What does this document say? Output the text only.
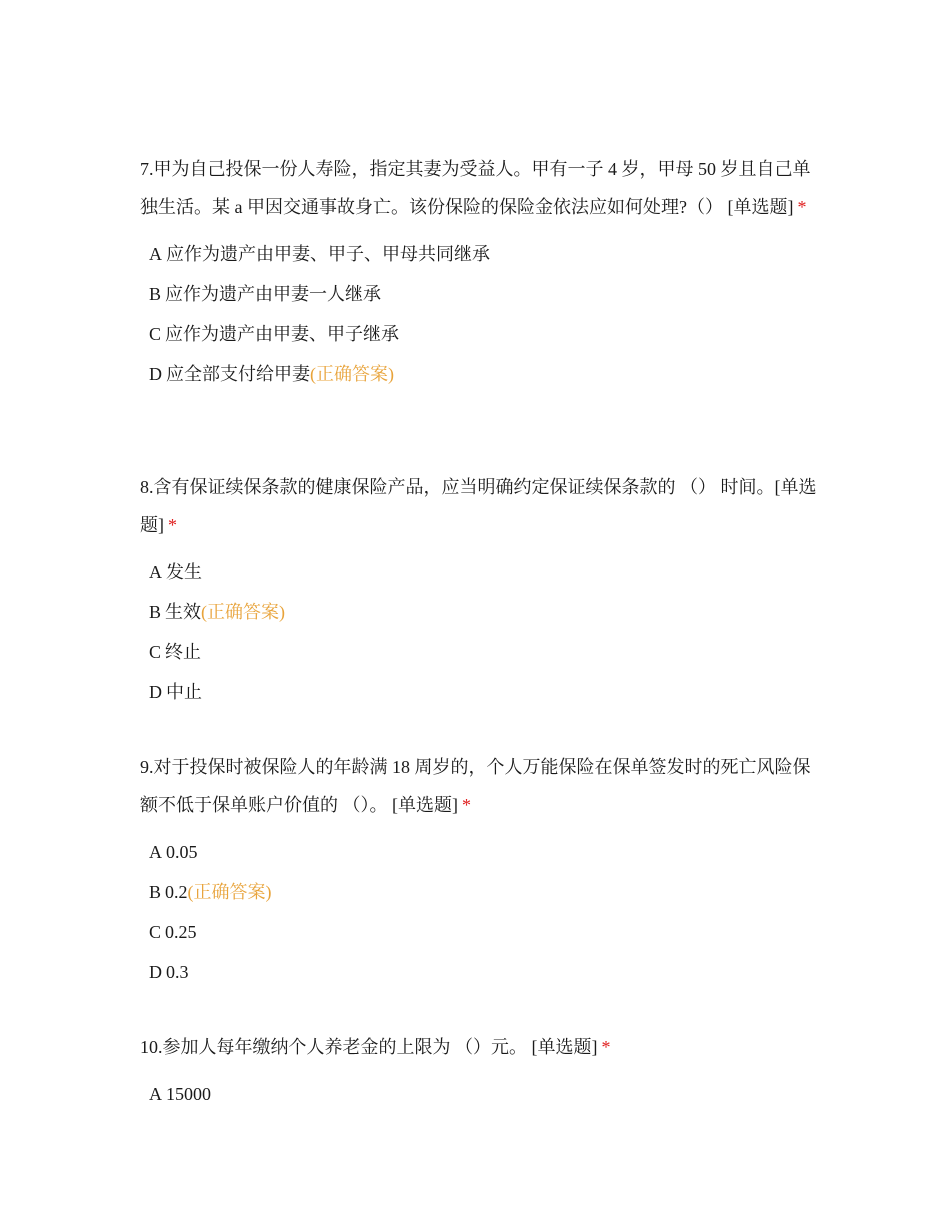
7.甲为自己投保一份人寿险，指定其妻为受益人。甲有一子 4 岁，甲母 50 岁且自己单独生活。某 a 甲因交通事故身亡。该份保险的保险金依法应如何处理?（） [单选题] *

A 应作为遗产由甲妻、甲子、甲母共同继承
B 应作为遗产由甲妻一人继承
C 应作为遗产由甲妻、甲子继承
D 应全部支付给甲妻(正确答案)

8.含有保证续保条款的健康保险产品，应当明确约定保证续保条款的 （） 时间。[单选题] *

A 发生
B 生效(正确答案)
C 终止
D 中止

9.对于投保时被保险人的年龄满 18 周岁的，个人万能保险在保单签发时的死亡风险保额不低于保单账户价值的 （）。 [单选题] *

A 0.05
B 0.2(正确答案)
C 0.25
D 0.3

10.参加人每年缴纳个人养老金的上限为 （）元。 [单选题] *

A 15000
